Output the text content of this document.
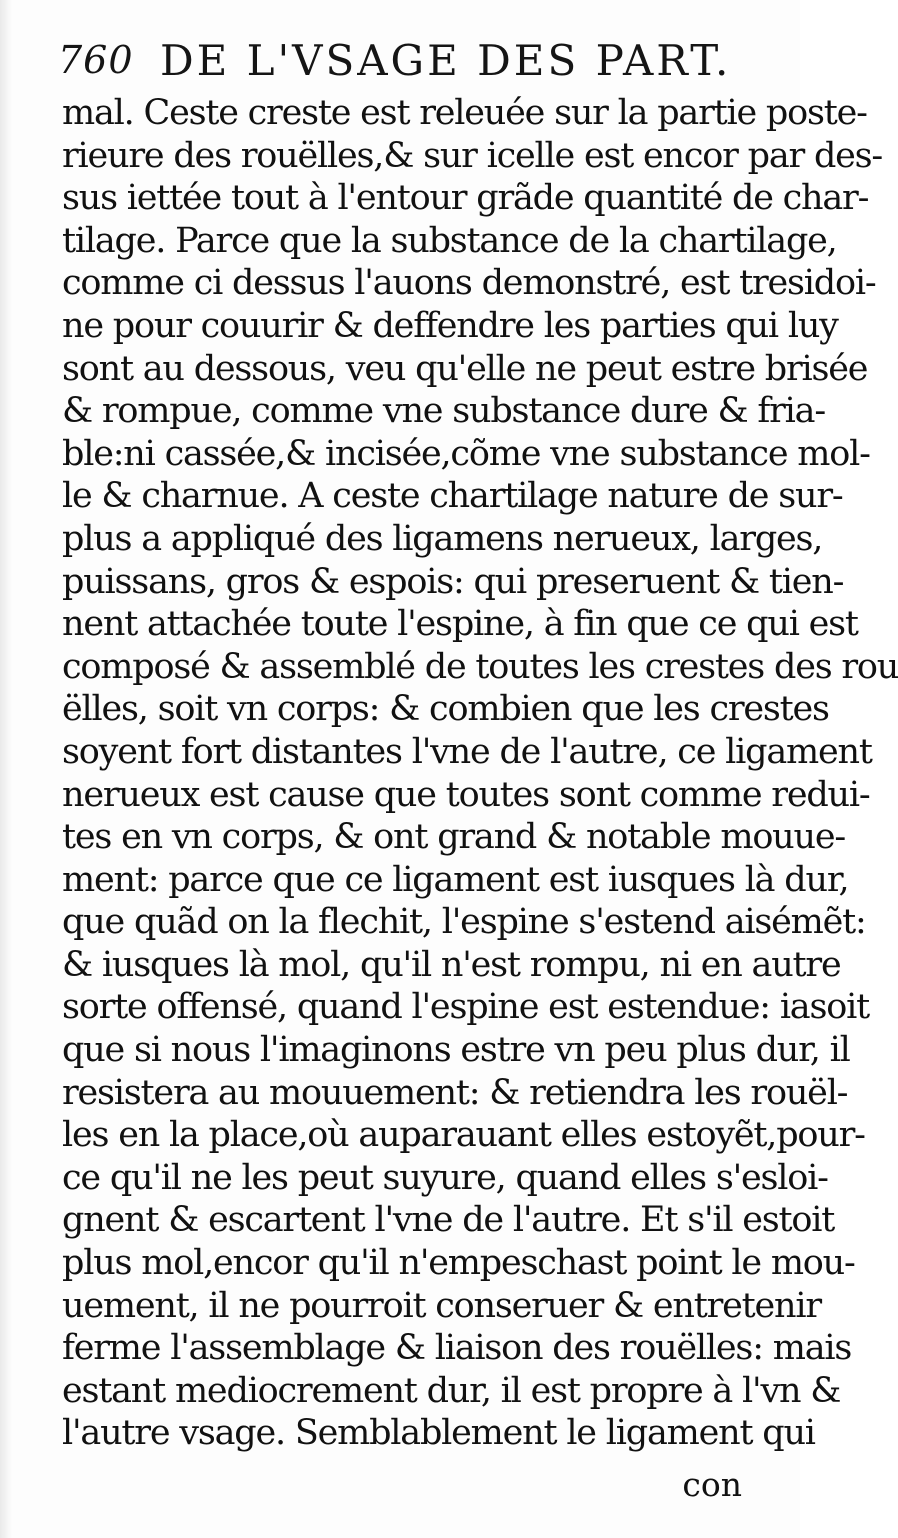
760 DE L'VSAGE DES PART.
mal. Ceste creste est releuée sur la partie poste-
rieure des rouëlles,& sur icelle est encor par des-
sus iettée tout à l'entour grãde quantité de char-
tilage. Parce que la substance de la chartilage,
comme ci dessus l'auons demonstré, est tresidoi-
ne pour couurir & deffendre les parties qui luy
sont au dessous, veu qu'elle ne peut estre brisée
& rompue, comme vne substance dure & fria-
ble:ni cassée,& incisée,cõme vne substance mol-
le & charnue. A ceste chartilage nature de sur-
plus a appliqué des ligamens nerueux, larges,
puissans, gros & espois: qui preseruent & tien-
nent attachée toute l'espine, à fin que ce qui est
composé & assemblé de toutes les crestes des rou
ëlles, soit vn corps: & combien que les crestes
soyent fort distantes l'vne de l'autre, ce ligament
nerueux est cause que toutes sont comme redui-
tes en vn corps, & ont grand & notable mouue-
ment: parce que ce ligament est iusques là dur,
que quãd on la flechit, l'espine s'estend aisémẽt:
& iusques là mol, qu'il n'est rompu, ni en autre
sorte offensé, quand l'espine est estendue: iasoit
que si nous l'imaginons estre vn peu plus dur, il
resistera au mouuement: & retiendra les rouël-
les en la place,où auparauant elles estoyẽt,pour-
ce qu'il ne les peut suyure, quand elles s'esloi-
gnent & escartent l'vne de l'autre. Et s'il estoit
plus mol,encor qu'il n'empeschast point le mou-
uement, il ne pourroit conseruer & entretenir
ferme l'assemblage & liaison des rouëlles: mais
estant mediocrement dur, il est propre à l'vn &
l'autre vsage. Semblablement le ligament qui
con
